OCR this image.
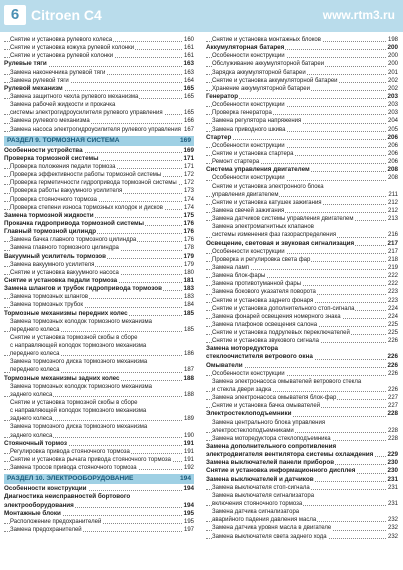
6 Citroen C4	www.rtm3.ru
Снятие и установка рулевого колеса	160
Снятие и установка кожуха рулевой колонки	161
Снятие и установка рулевой колонки	161
Рулевые тяги	163
Замена наконечника рулевой тяги	163
Замена рулевой тяги	164
Рулевой механизм	165
Замена защитного чехла рулевого механизма	165
Замена рабочей жидкости и прокачка
системы электрогидроусилителя рулевого управления	165
Замена рулевого механизма	166
Замена насоса электрогидроусилителя рулевого управления 167
РАЗДЕЛ 9. ТОРМОЗНАЯ СИСТЕМА	169
Особенности устройства	169
Проверка тормозной системы	171
Проверка положения педали тормоза	171
Проверка эффективности работы тормозной системы	172
Проверка герметичности гидропривода тормозной системы 172
Проверка работы вакуумного усилителя	173
Проверка стояночного тормоза	174
Проверка степени износа тормозных колодок и дисков	174
Замена тормозной жидкости	175
Прокачка гидропривода тормозной системы	176
Главный тормозной цилиндр	176
Замена бачка главного тормозного цилиндра	176
Замена главного тормозного цилиндра	178
Вакуумный усилитель тормозов	179
Замена вакуумного усилителя	179
Снятие и установка вакуумного насоса	180
Снятие и установка педали тормоза	181
Замена шлангов и трубок гидропривода тормозов	183
Замена тормозных шлангов	183
Замена тормозных трубок	184
Тормозные механизмы передних колес	185
Замена тормозных колодок тормозного механизма
переднего колеса	185
Снятие и установка тормозной скобы в сборе
с направляющей колодок тормозного механизма
переднего колеса	186
Замена тормозного диска тормозного механизма
переднего колеса	187
Тормозные механизмы задних колес	188
Замена тормозных колодок тормозного механизма
заднего колеса	188
Снятие и установка тормозной скобы в сборе
с направляющей колодок тормозного механизма
заднего колеса	189
Замена тормозного диска тормозного механизма
заднего колеса	190
Стояночный тормоз	191
Регулировка привода стояночного тормоза	191
Снятие и установка рычага привода стояночного тормоза 191
Замена тросов привода стояночного тормоза	192
РАЗДЕЛ 10. ЭЛЕКТРООБОРУДОВАНИЕ	194
Особенности конструкции	194
Диагностика неисправностей бортового
электрооборудования	194
Монтажные блоки	195
Расположение предохранителей	195
Замена предохранителей	197
Снятие и установка монтажных блоков	198
Аккумуляторная батарея	200
Особенности конструкции	200
Обслуживание аккумуляторной батареи	200
Зарядка аккумуляторной батареи	201
Снятие и установка аккумуляторной батареи	202
Хранение аккумуляторной батареи	202
Генератор	203
Особенности конструкции	203
Проверка генератора	203
Замена регулятора напряжения	204
Замена приводного шкива	205
Стартер	206
Особенности конструкции	206
Снятие и установка стартера	206
Ремонт стартера	206
Система управления двигателем	208
Особенности конструкции	208
Снятие и установка электронного блока
управления двигателем	211
Снятие и установка катушек зажигания	212
Замена свечей зажигания	212
Замена датчиков системы управления двигателем	213
Замена электромагнитных клапанов
системы изменения фаз газораспределения	216
Освещение, световая и звуковая сигнализация	217
Особенности конструкции	217
Проверка и регулировка света фар	218
Замена ламп	219
Замена блок-фары	222
Замена противотуманной фары	222
Замена бокового указателя поворота	223
Снятие и установка заднего фонаря	223
Снятие и установка дополнительного стоп-сигнала	224
Замена фонарей освещения номерного знака	224
Замена плафонов освещения салона	225
Снятие и установка подрулевых переключателей	225
Снятие и установка звукового сигнала	226
Замена моторедуктора
стеклоочистителя ветрового окна	226
Омыватели	226
Особенности конструкции	226
Замена электронасоса омывателей ветрового стекла
и стекла двери задка	226
Замена электронасоса омывателя блок-фар	227
Снятие и установка бачка омывателей	227
Электростеклоподъемники	228
Замена центрального блока управления
электростеклоподъемниками	228
Замена моторедуктора стеклоподъемника	228
Замена дополнительного сопротивления
электродвигателя вентилятора системы охлаждения 229
Замена выключателей панели приборов	230
Снятие и установка информационного дисплея	230
Замена выключателей и датчиков	231
Замена выключателя стоп-сигнала	231
Замена выключателя сигнализатора
включения стояночного тормоза	231
Замена датчика сигнализатора
аварийного падения давления масла	232
Замена датчика уровня масла в двигателе	232
Замена выключателя света заднего хода	232
